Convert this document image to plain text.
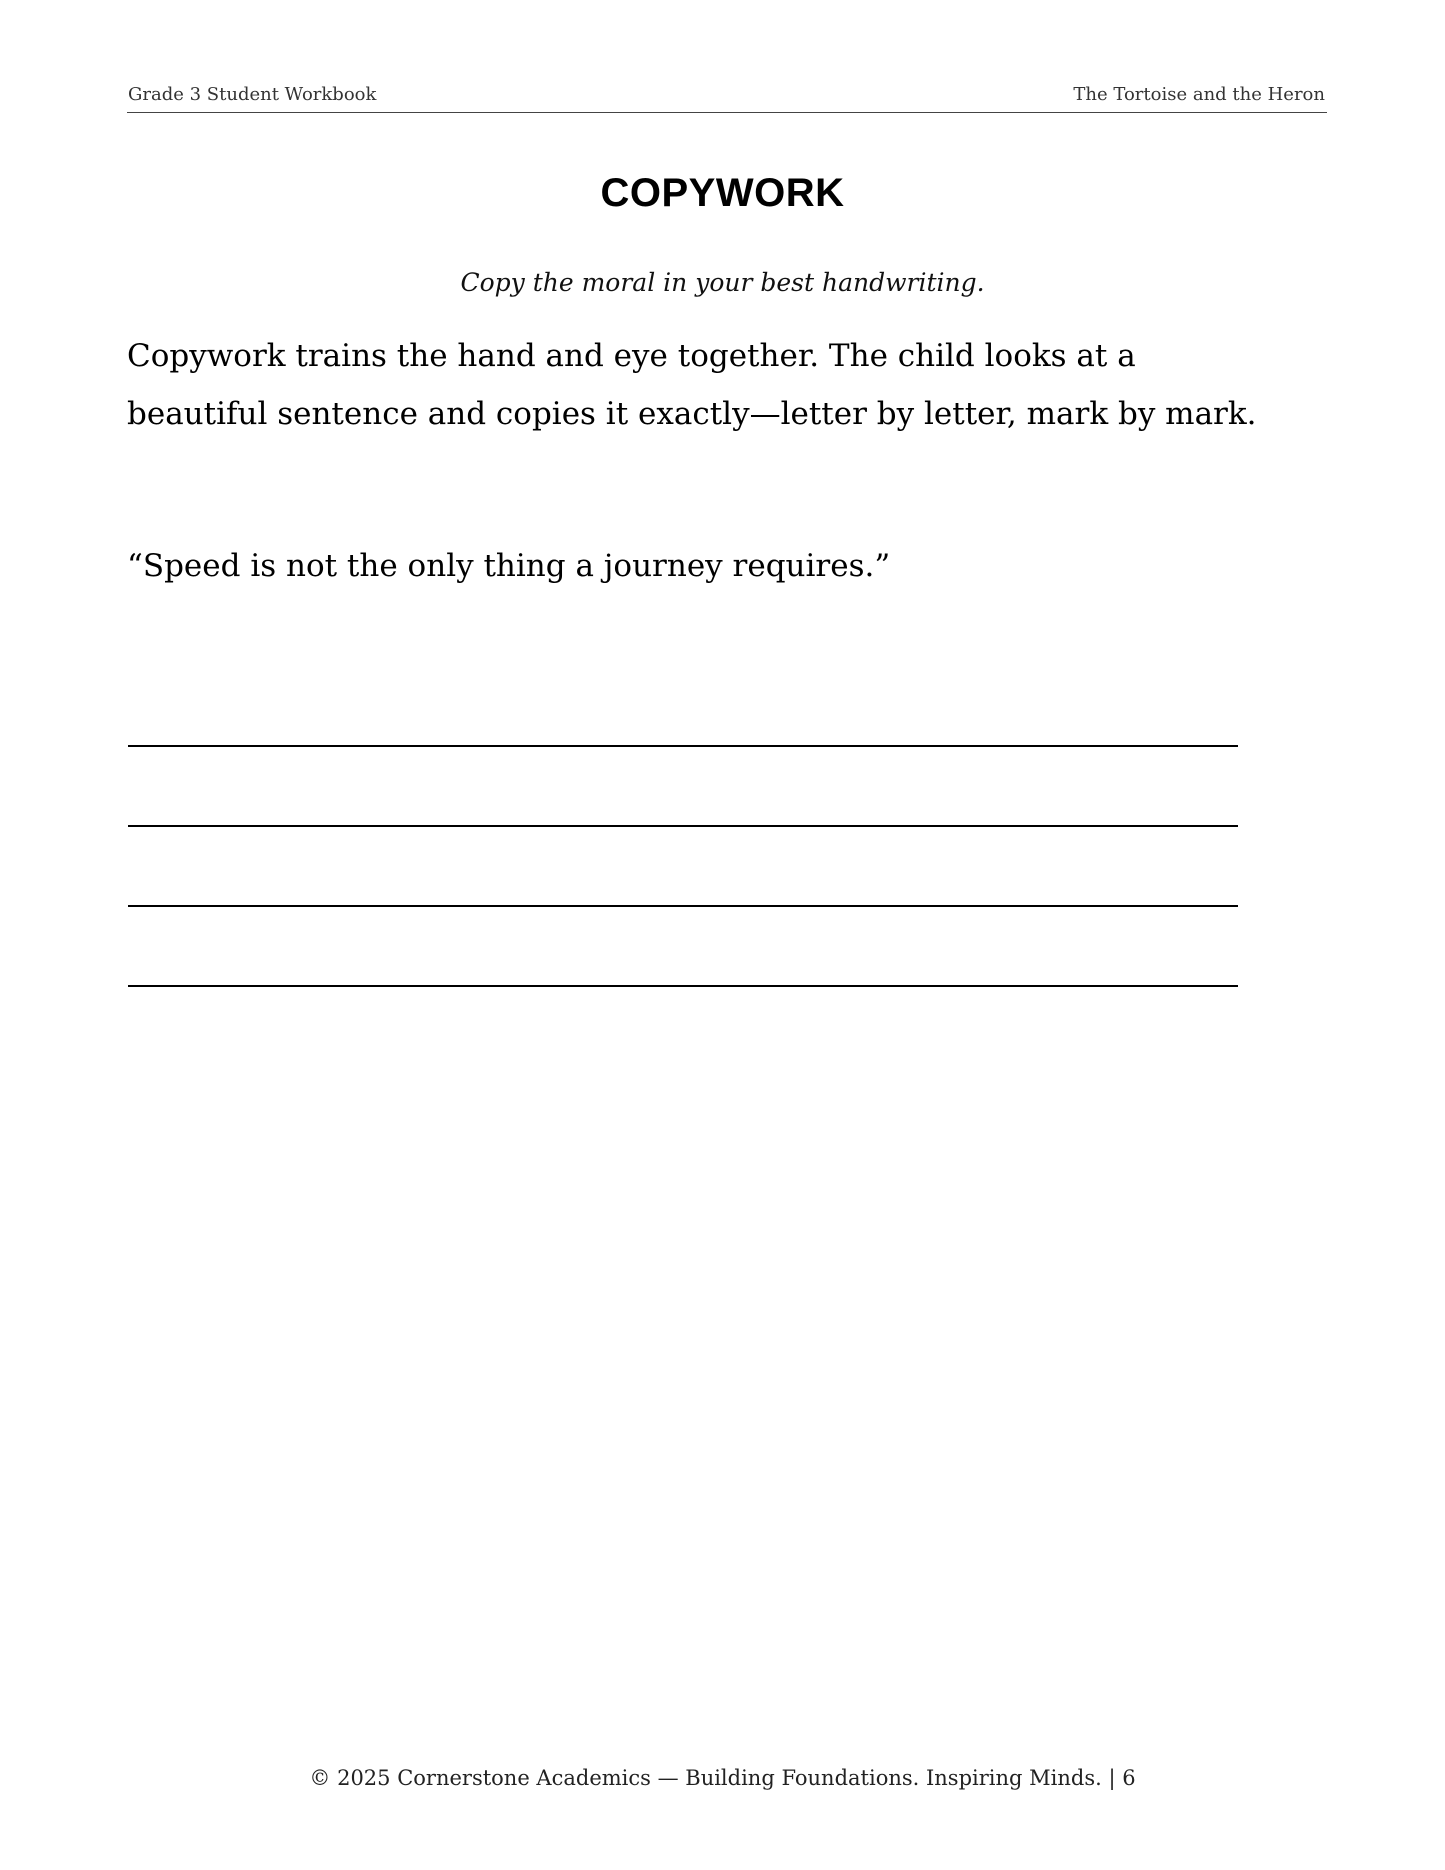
Grade 3 Student Workbook	The Tortoise and the Heron
COPYWORK
Copy the moral in your best handwriting.
Copywork trains the hand and eye together. The child looks at a beautiful sentence and copies it exactly—letter by letter, mark by mark.
“Speed is not the only thing a journey requires.”
© 2025 Cornerstone Academics — Building Foundations. Inspiring Minds. | 6
